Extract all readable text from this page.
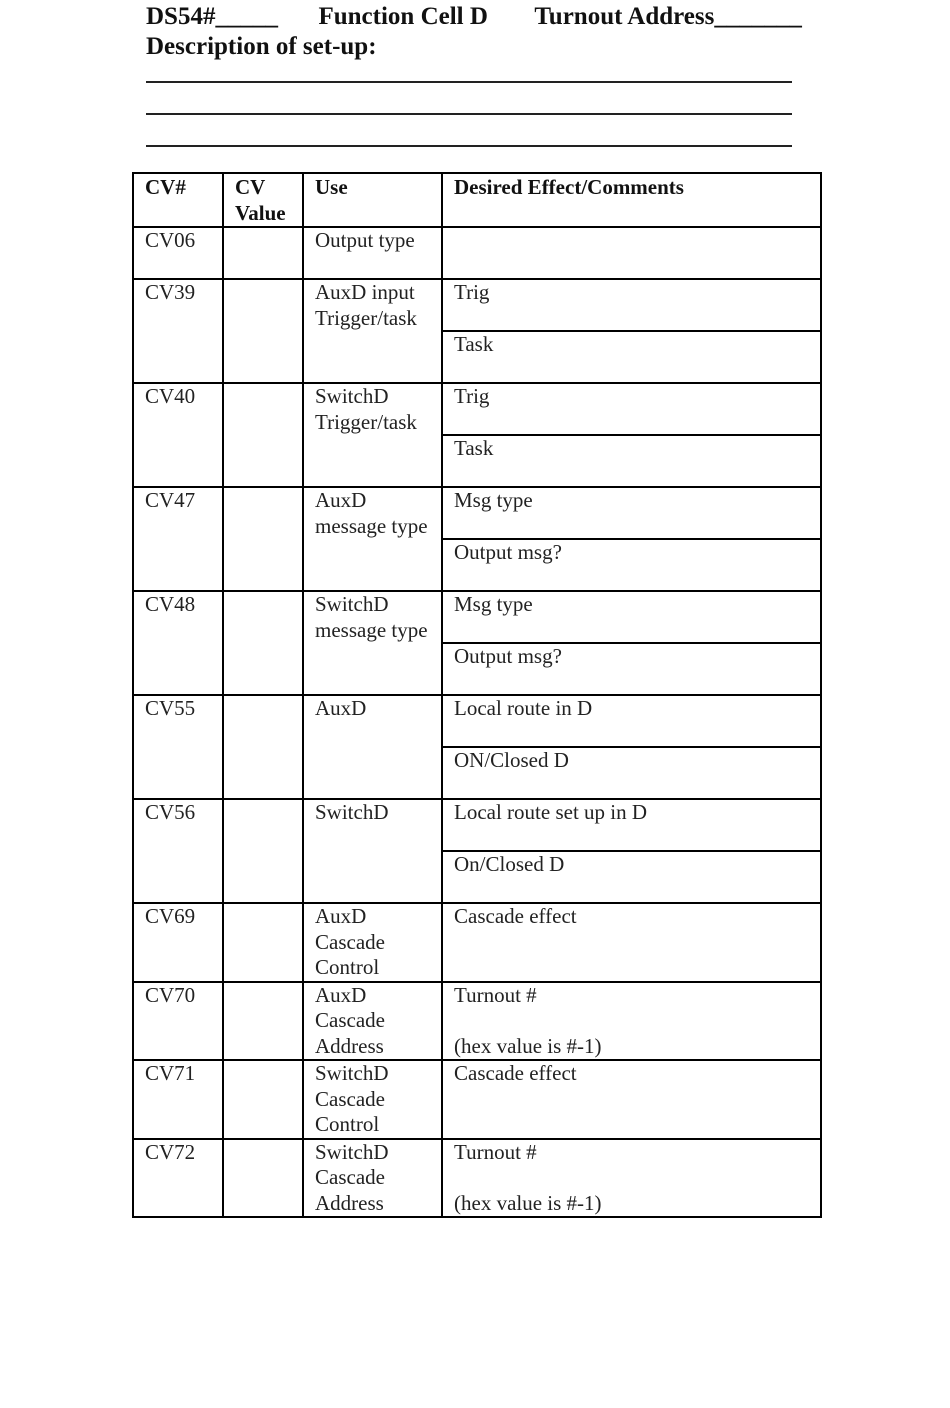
DS54#_____ Function Cell D Turnout Address_______
Description of set-up:
CV#	CV Value	Use	Desired Effect/Comments
CV06		Output type	
CV39		AuxD input Trigger/task	Trig
			Task
CV40		SwitchD Trigger/task	Trig
			Task
CV47		AuxD message type	Msg type
			Output msg?
CV48		SwitchD message type	Msg type
			Output msg?
CV55		AuxD	Local route in D
			ON/Closed D
CV56		SwitchD	Local route set up in D
			On/Closed D
CV69		AuxD Cascade Control	Cascade effect
CV70		AuxD Cascade Address	Turnout #
(hex value is #-1)

CV71		SwitchD Cascade Control	Cascade effect
CV72		SwitchD Cascade Address	Turnout #
(hex value is #-1)
